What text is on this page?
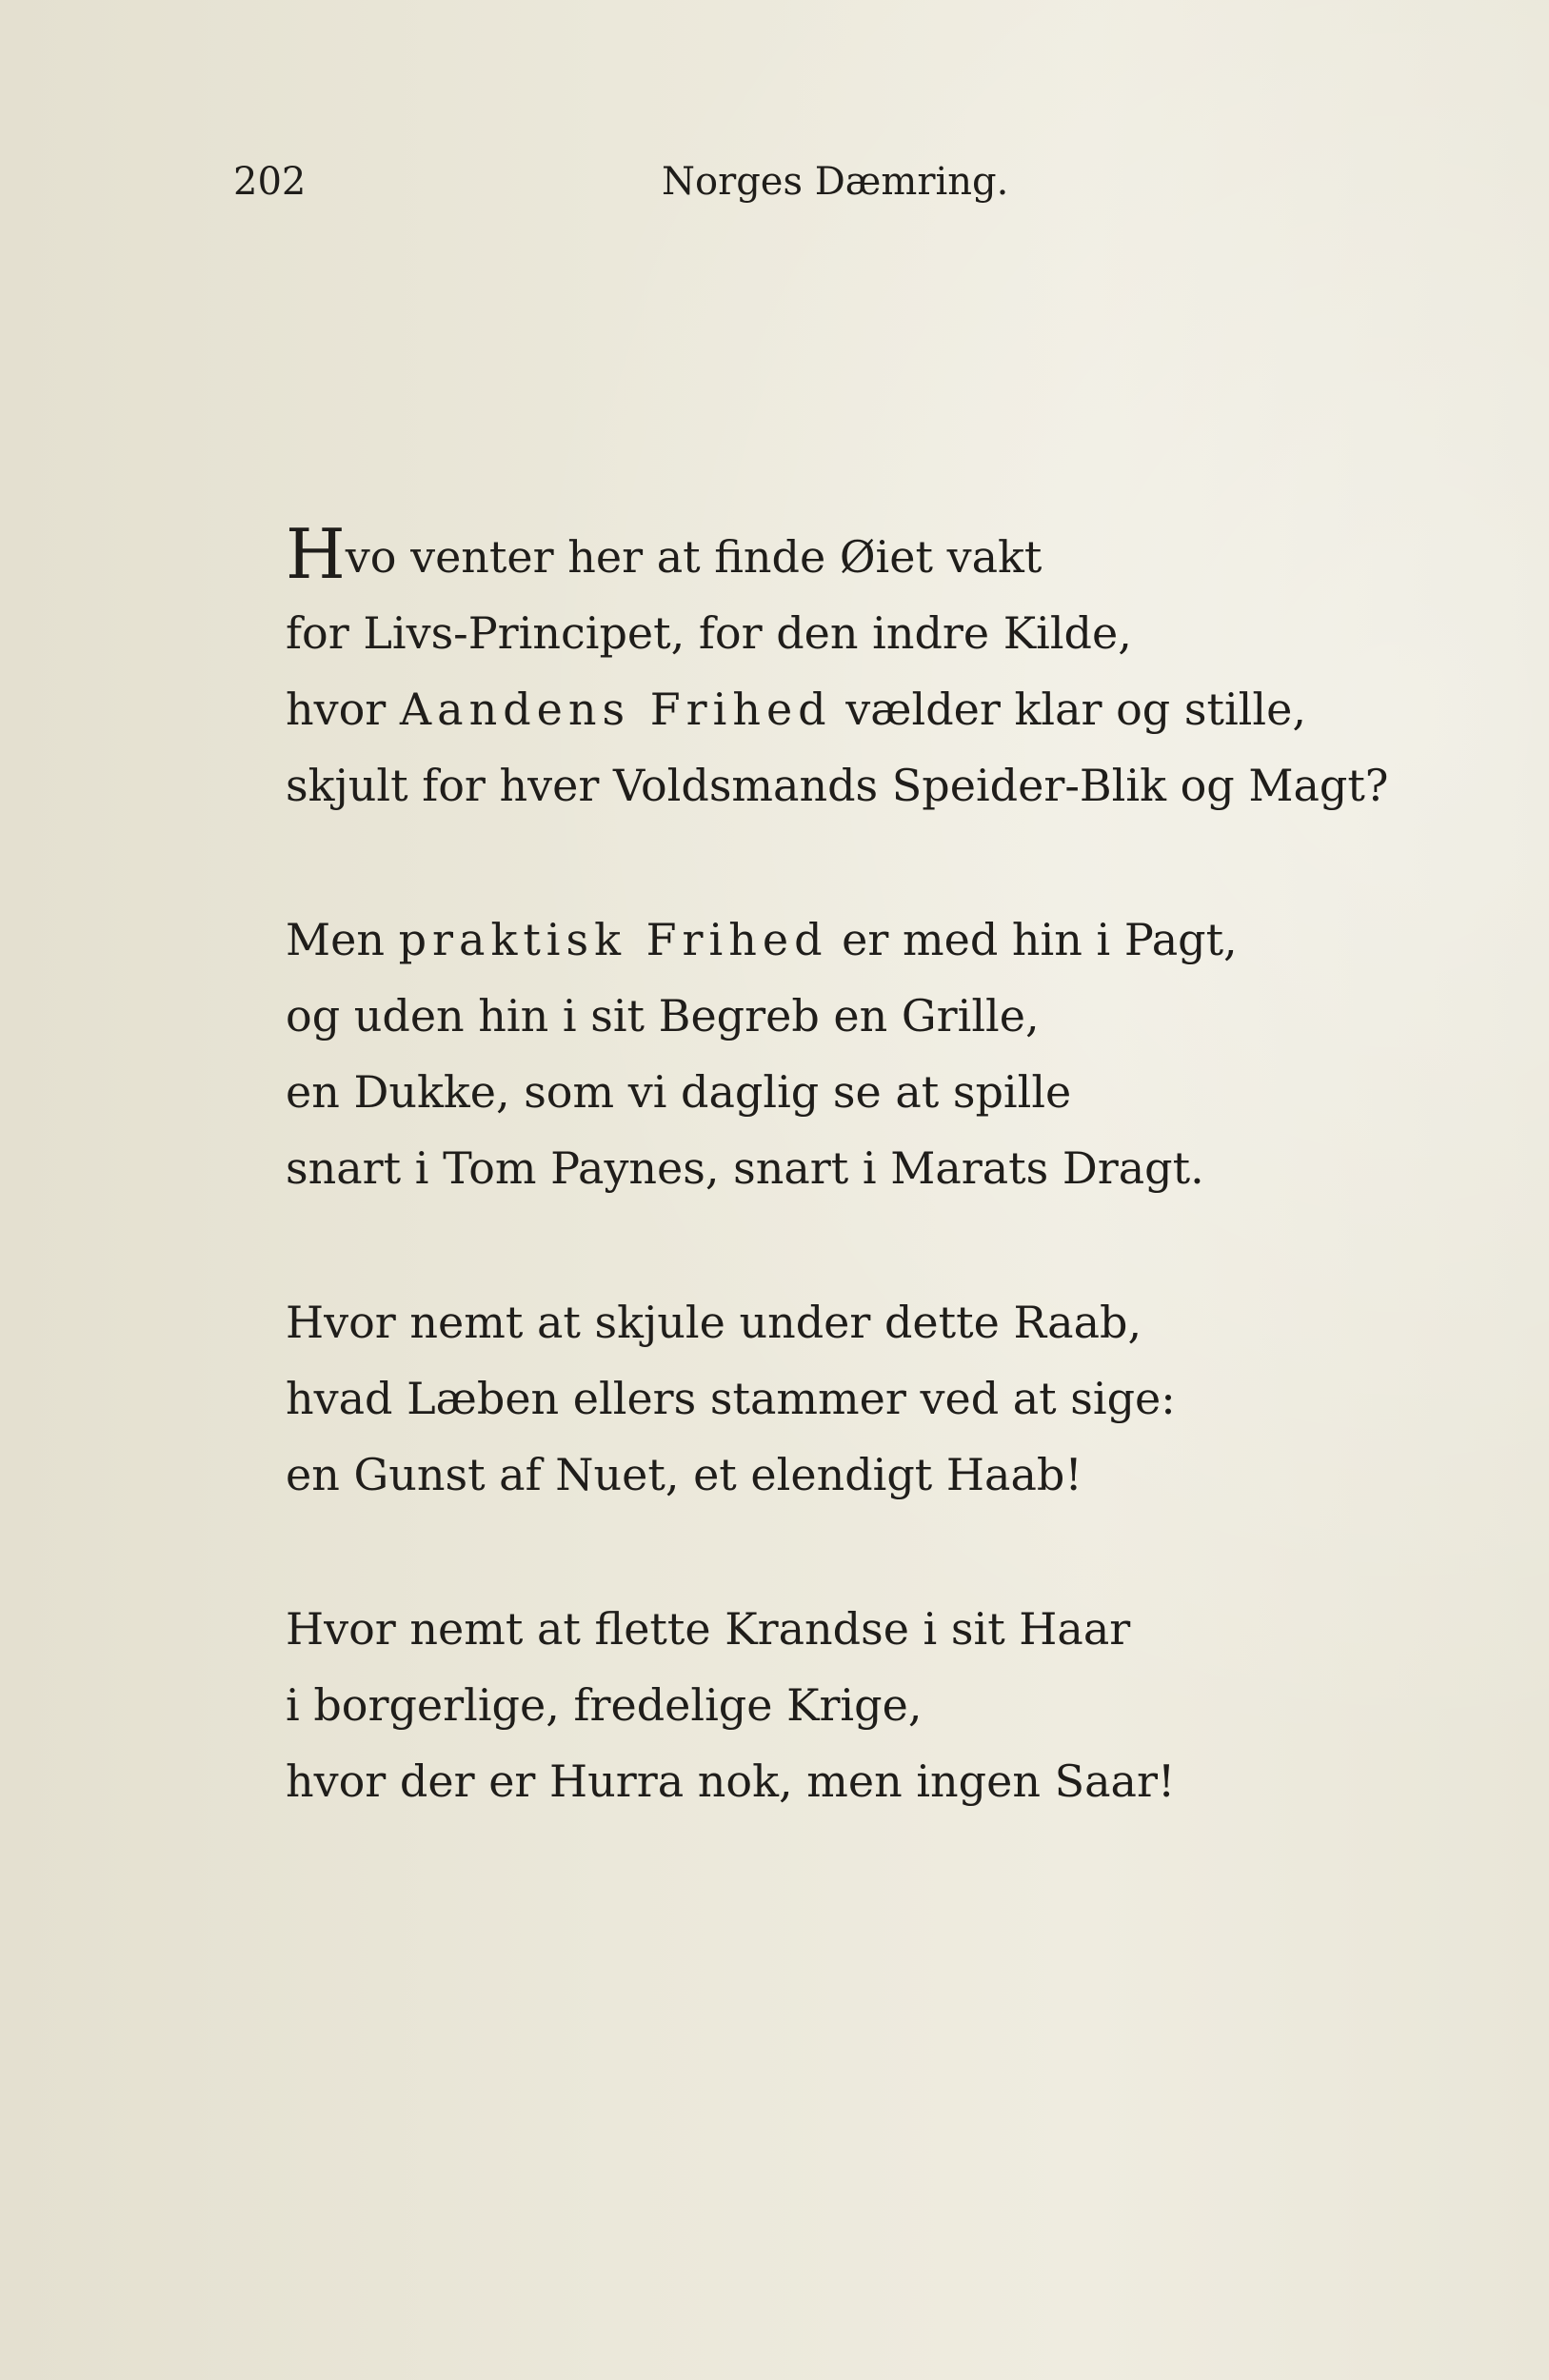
202	Norges Dæmring.
Hvo venter her at finde Øiet vakt
for Livs-Principet, for den indre Kilde,
hvor Aandens Frihed vælder klar og stille,
skjult for hver Voldsmands Speider-Blik og Magt?
Men praktisk Frihed er med hin i Pagt,
og uden hin i sit Begreb en Grille,
en Dukke, som vi daglig se at spille
snart i Tom Paynes, snart i Marats Dragt.
Hvor nemt at skjule under dette Raab,
hvad Læben ellers stammer ved at sige:
en Gunst af Nuet, et elendigt Haab!
Hvor nemt at flette Krandse i sit Haar
i borgerlige, fredelige Krige,
hvor der er Hurra nok, men ingen Saar!
